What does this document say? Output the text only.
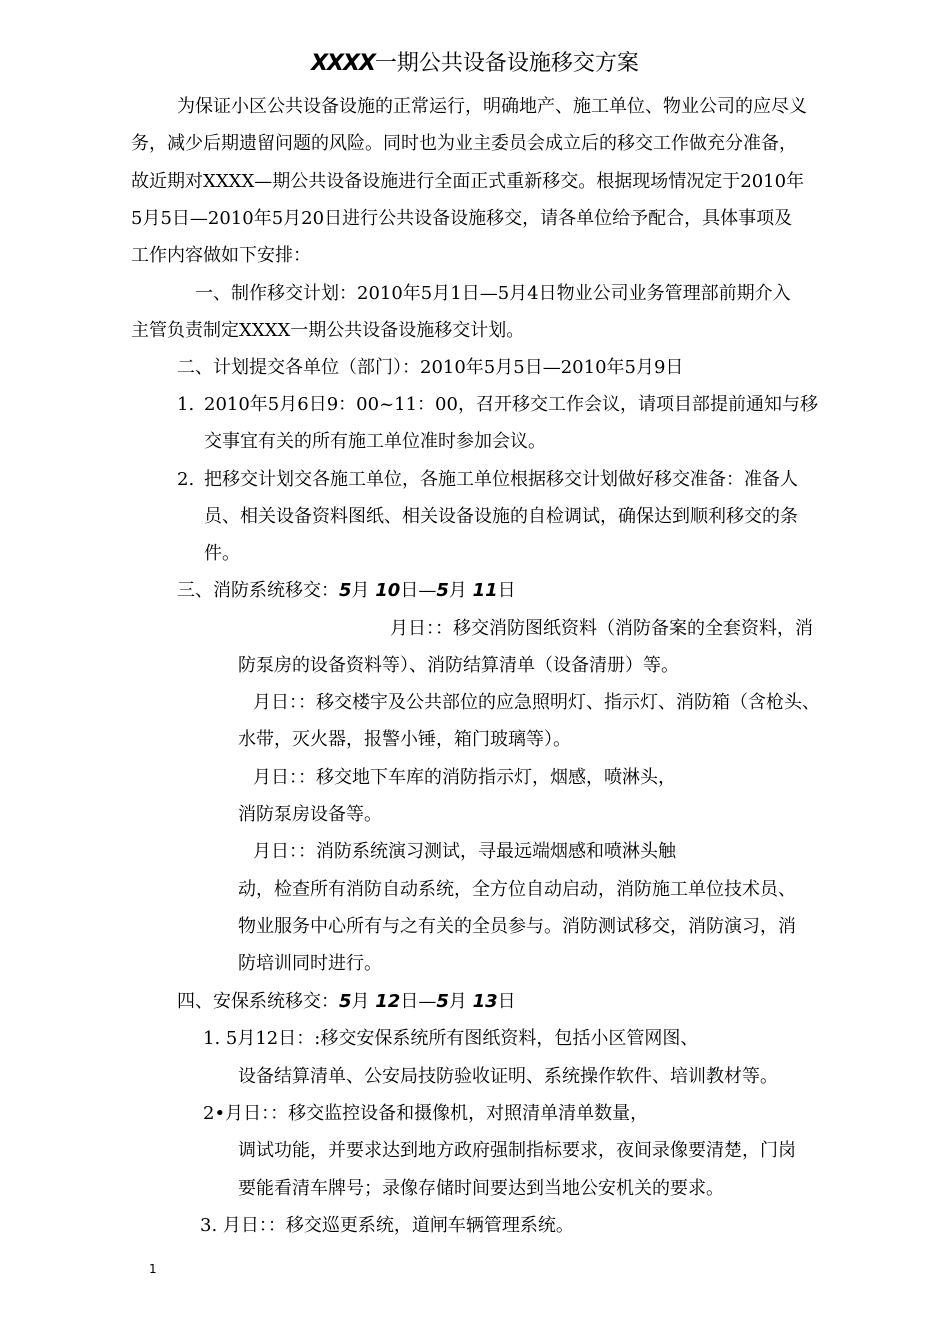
XXXX一期公共设备设施移交方案
为保证小区公共设备设施的正常运行，明确地产、施工单位、物业公司的应尽义
务，减少后期遗留问题的风险。同时也为业主委员会成立后的移交工作做充分准备，
故近期对XXXX—期公共设备设施进行全面正式重新移交。根据现场情况定于2010年
5月5日—2010年5月20日进行公共设备设施移交，请各单位给予配合，具体事项及
工作内容做如下安排：
一、制作移交计划：2010年5月1日—5月4日物业公司业务管理部前期介入
主管负责制定XXXX一期公共设备设施移交计划。
二、计划提交各单位（部门）：2010年5月5日—2010年5月9日
1. 2010年5月6日9：00~11：00，召开移交工作会议，请项目部提前通知与移
交事宜有关的所有施工单位准时参加会议。
2. 把移交计划交各施工单位，各施工单位根据移交计划做好移交准备：准备人
员、相关设备资料图纸、相关设备设施的自检调试，确保达到顺利移交的条
件。
三、消防系统移交：5月 10日—5月 11日
月日：：移交消防图纸资料（消防备案的全套资料，消
防泵房的设备资料等）、消防结算清单（设备清册）等。
月日：：移交楼宇及公共部位的应急照明灯、指示灯、消防箱（含枪头、
水带，灭火器，报警小锤，箱门玻璃等）。
月日：：移交地下车库的消防指示灯，烟感，喷淋头，
消防泵房设备等。
月日：：消防系统演习测试，寻最远端烟感和喷淋头触
动，检查所有消防自动系统，全方位自动启动，消防施工单位技术员、
物业服务中心所有与之有关的全员参与。消防测试移交，消防演习，消
防培训同时进行。
四、安保系统移交：5月 12日—5月 13日
1. 5月12日：:移交安保系统所有图纸资料，包括小区管网图、
设备结算清单、公安局技防验收证明、系统操作软件、培训教材等。
2•月日：：移交监控设备和摄像机，对照清单清单数量，
调试功能，并要求达到地方政府强制指标要求，夜间录像要清楚，门岗
要能看清车牌号；录像存储时间要达到当地公安机关的要求。
3. 月日：：移交巡更系统，道闸车辆管理系统。
1
